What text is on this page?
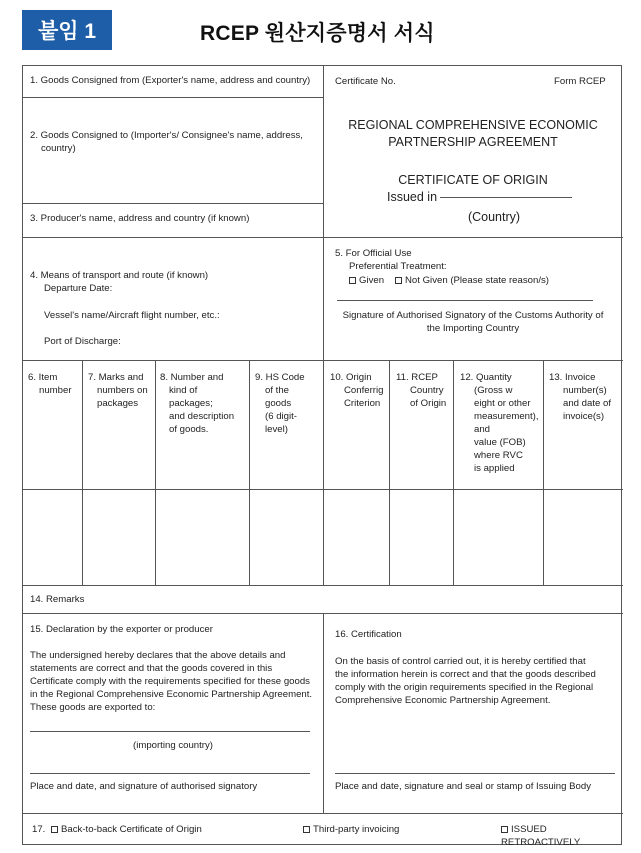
붙임 1	RCEP 원산지증명서 서식
1. Goods Consigned from (Exporter's name, address and country)	Certificate No.	Form RCEP
REGIONAL COMPREHENSIVE ECONOMIC
PARTNERSHIP AGREEMENT
CERTIFICATE OF ORIGIN
Issued in
(Country)
2. Goods Consigned to (Importer's/ Consignee's name, address,
country)
3. Producer's name, address and country (if known)
4. Means of transport and route (if known)
Departure Date:
Vessel's name/Aircraft flight number, etc.:
Port of Discharge:
5. For Official Use
Preferential Treatment:
Given	Not Given (Please state reason/s)
Signature of Authorised Signatory of the Customs Authority of
the Importing Country
6. Item
number
7. Marks and
numbers on
packages
8. Number and
kind of
packages;
and description
of goods.
9. HS Code
of the
goods
(6 digit-
level)
10. Origin
Conferrig
Criterion
11. RCEP
Country
of Origin
12. Quantity
(Gross w
eight or other
measurement),
and
value (FOB)
where RVC
is applied
13. Invoice
number(s)
and date of
invoice(s)
14. Remarks
15. Declaration by the exporter or producer
The undersigned hereby declares that the above details and
statements are correct and that the goods covered in this
Certificate comply with the requirements specified for these goods
in the Regional Comprehensive Economic Partnership Agreement.
These goods are exported to:
(importing country)
Place and date, and signature of authorised signatory
16. Certification
On the basis of control carried out, it is hereby certified that
the information herein is correct and that the goods described
comply with the origin requirements specified in the Regional
Comprehensive Economic Partnership Agreement.
Place and date, signature and seal or stamp of Issuing Body
17. Back-to-back Certificate of Origin	Third-party invoicing	ISSUED RETROACTIVELY
